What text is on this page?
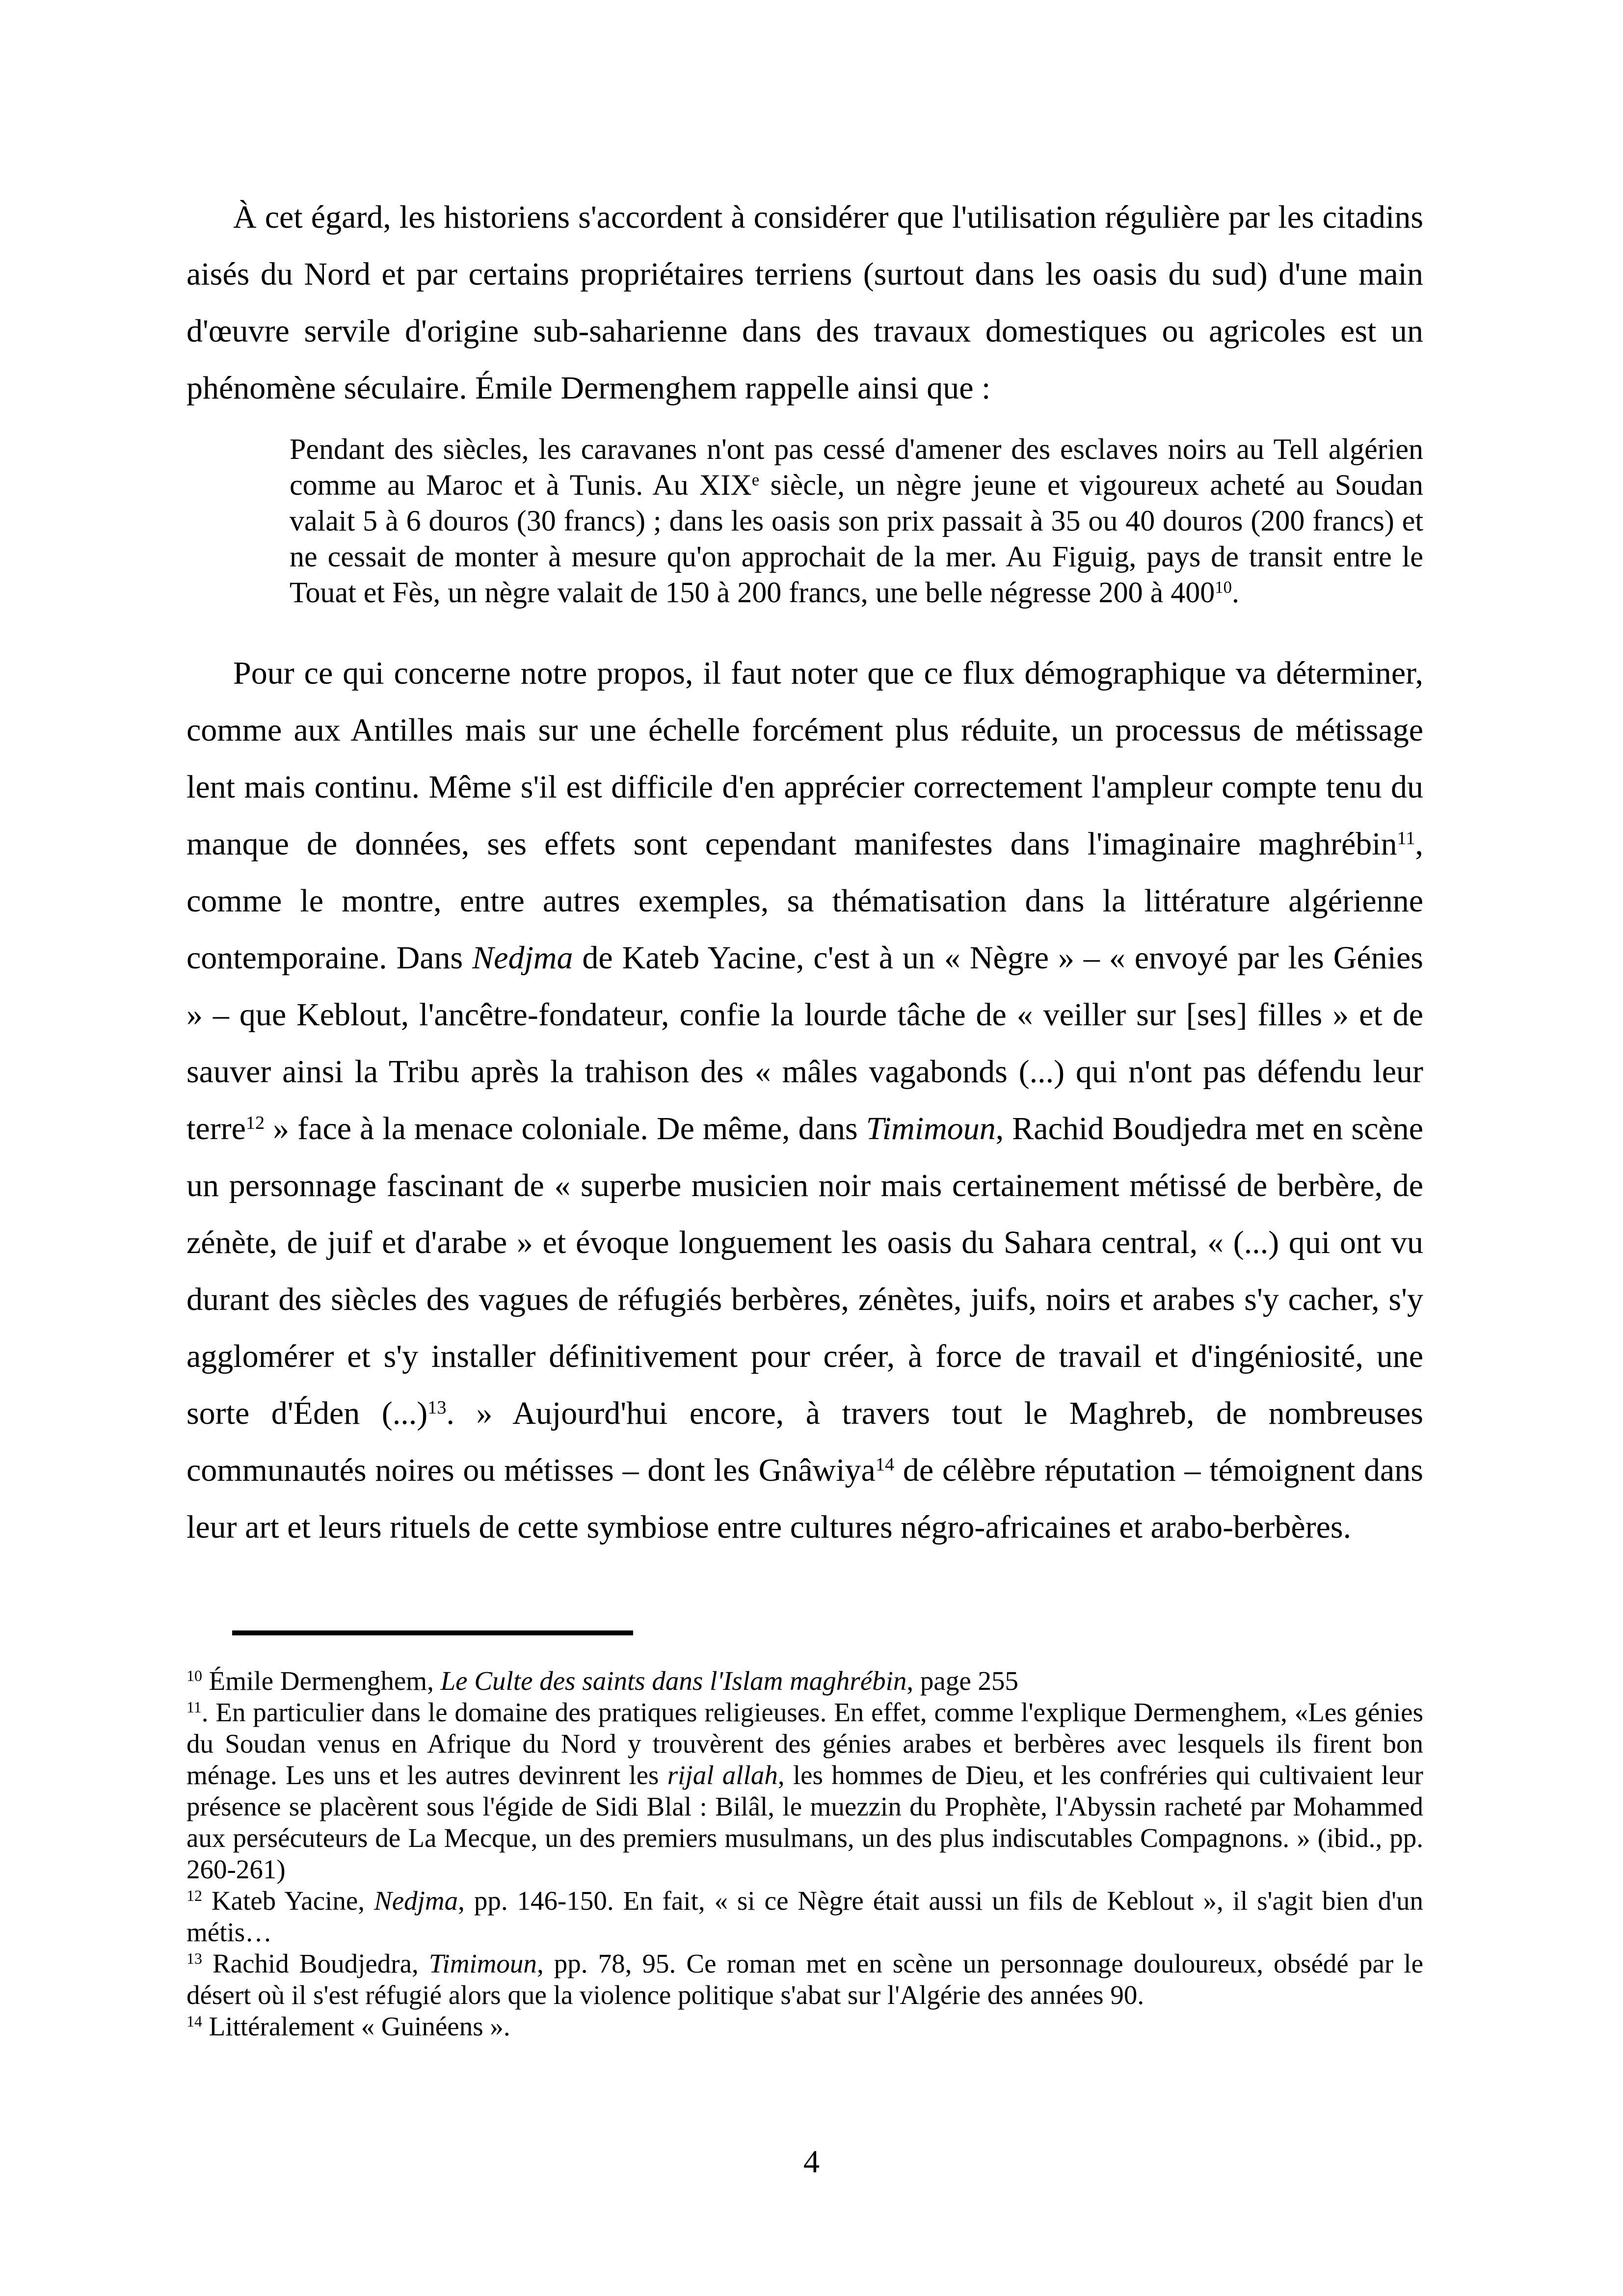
À cet égard, les historiens s'accordent à considérer que l'utilisation régulière par les citadins aisés du Nord et par certains propriétaires terriens (surtout dans les oasis du sud) d'une main d'œuvre servile d'origine sub-saharienne dans des travaux domestiques ou agricoles est un phénomène séculaire. Émile Dermenghem rappelle ainsi que :

Pendant des siècles, les caravanes n'ont pas cessé d'amener des esclaves noirs au Tell algérien comme au Maroc et à Tunis. Au XIXe siècle, un nègre jeune et vigoureux acheté au Soudan valait 5 à 6 douros (30 francs) ; dans les oasis son prix passait à 35 ou 40 douros (200 francs) et ne cessait de monter à mesure qu'on approchait de la mer. Au Figuig, pays de transit entre le Touat et Fès, un nègre valait de 150 à 200 francs, une belle négresse 200 à $400^{10}$.

Pour ce qui concerne notre propos, il faut noter que ce flux démographique va déterminer, comme aux Antilles mais sur une échelle forcément plus réduite, un processus de métissage lent mais continu. Même s'il est difficile d'en apprécier correctement l'ampleur compte tenu du manque de données, ses effets sont cependant manifestes dans l'imaginaire maghrébin$^{11}$, comme le montre, entre autres exemples, sa thématisation dans la littérature algérienne contemporaine. Dans Nedjma de Kateb Yacine, c'est à un « Nègre » – « envoyé par les Génies » – que Keblout, l'ancêtre-fondateur, confie la lourde tâche de « veiller sur [ses] filles » et de sauver ainsi la Tribu après la trahison des « mâles vagabonds (...) qui n'ont pas défendu leur terre$^{12}$ » face à la menace coloniale. De même, dans Timimoun, Rachid Boudjedra met en scène un personnage fascinant de « superbe musicien noir mais certainement métissé de berbère, de zénète, de juif et d'arabe » et évoque longuement les oasis du Sahara central, « (...) qui ont vu durant des siècles des vagues de réfugiés berbères, zénètes, juifs, noirs et arabes s'y cacher, s'y agglomérer et s'y installer définitivement pour créer, à force de travail et d'ingéniosité, une sorte d'Éden (...)$^{13}$. » Aujourd'hui encore, à travers tout le Maghreb, de nombreuses communautés noires ou métisses – dont les Gnâwiya$^{14}$ de célèbre réputation – témoignent dans leur art et leurs rituels de cette symbiose entre cultures négro-africaines et arabo-berbères.

$^{10}$ Émile Dermenghem, Le Culte des saints dans l'Islam maghrébin, page 255

$^{11}$. En particulier dans le domaine des pratiques religieuses. En effet, comme l'explique Dermenghem, «Les génies du Soudan venus en Afrique du Nord y trouvèrent des génies arabes et berbères avec lesquels ils firent bon ménage. Les uns et les autres devinrent les rijal allah, les hommes de Dieu, et les confréries qui cultivaient leur présence se placèrent sous l'égide de Sidi Blal : Bilâl, le muezzin du Prophète, l'Abyssin racheté par Mohammed aux persécuteurs de La Mecque, un des premiers musulmans, un des plus indiscutables Compagnons. » (ibid., pp. 260-261)

$^{12}$ Kateb Yacine, Nedjma, pp. 146-150. En fait, « si ce Nègre était aussi un fils de Keblout », il s'agit bien d'un métis…

$^{13}$ Rachid Boudjedra, Timimoun, pp. 78, 95. Ce roman met en scène un personnage douloureux, obsédé par le désert où il s'est réfugié alors que la violence politique s'abat sur l'Algérie des années 90.

$^{14}$ Littéralement « Guinéens ».

4
